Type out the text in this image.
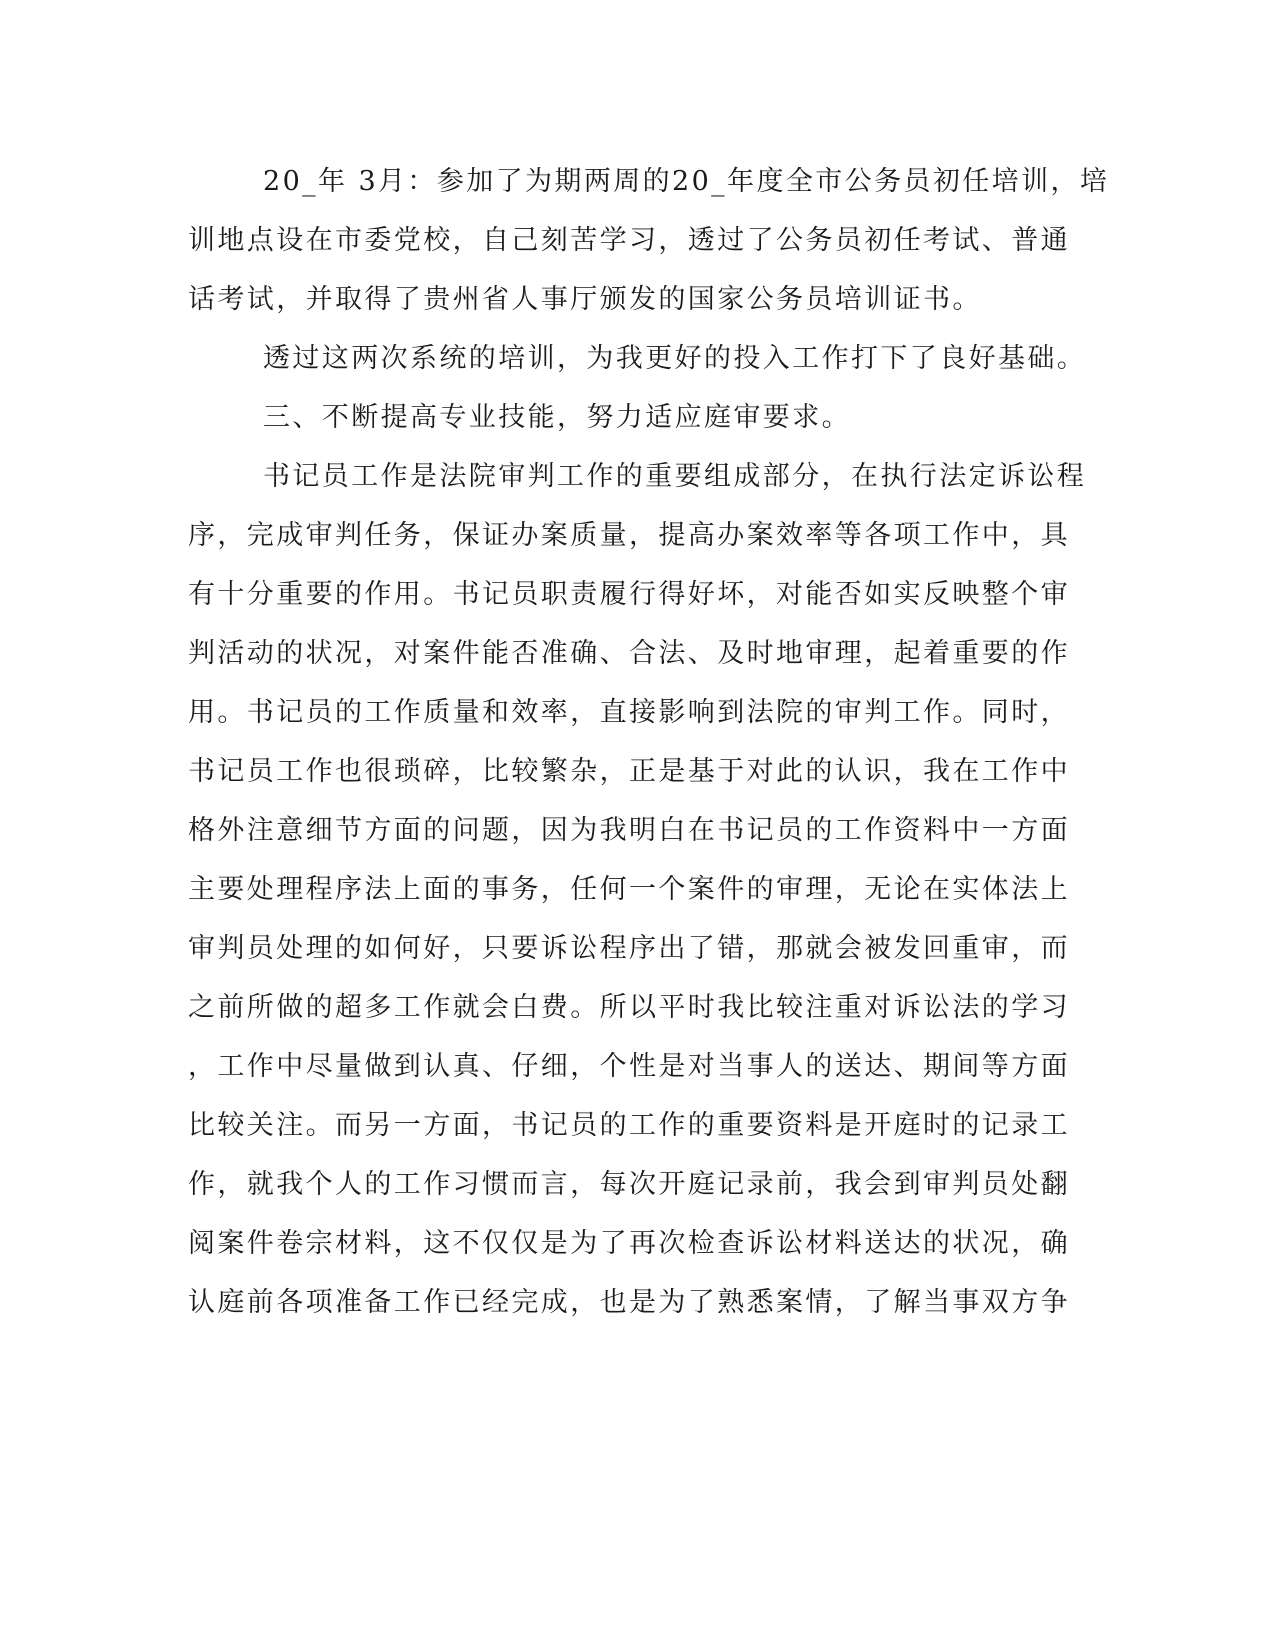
20_年 3月：参加了为期两周的20_年度全市公务员初任培训，培
训地点设在市委党校，自己刻苦学习，透过了公务员初任考试、普通
话考试，并取得了贵州省人事厅颁发的国家公务员培训证书。
透过这两次系统的培训，为我更好的投入工作打下了良好基础。
三、不断提高专业技能，努力适应庭审要求。
书记员工作是法院审判工作的重要组成部分，在执行法定诉讼程
序，完成审判任务，保证办案质量，提高办案效率等各项工作中，具
有十分重要的作用。书记员职责履行得好坏，对能否如实反映整个审
判活动的状况，对案件能否准确、合法、及时地审理，起着重要的作
用。书记员的工作质量和效率，直接影响到法院的审判工作。同时，
书记员工作也很琐碎，比较繁杂，正是基于对此的认识，我在工作中
格外注意细节方面的问题，因为我明白在书记员的工作资料中一方面
主要处理程序法上面的事务，任何一个案件的审理，无论在实体法上
审判员处理的如何好，只要诉讼程序出了错，那就会被发回重审，而
之前所做的超多工作就会白费。所以平时我比较注重对诉讼法的学习
，工作中尽量做到认真、仔细，个性是对当事人的送达、期间等方面
比较关注。而另一方面，书记员的工作的重要资料是开庭时的记录工
作，就我个人的工作习惯而言，每次开庭记录前，我会到审判员处翻
阅案件卷宗材料，这不仅仅是为了再次检查诉讼材料送达的状况，确
认庭前各项准备工作已经完成，也是为了熟悉案情，了解当事双方争
